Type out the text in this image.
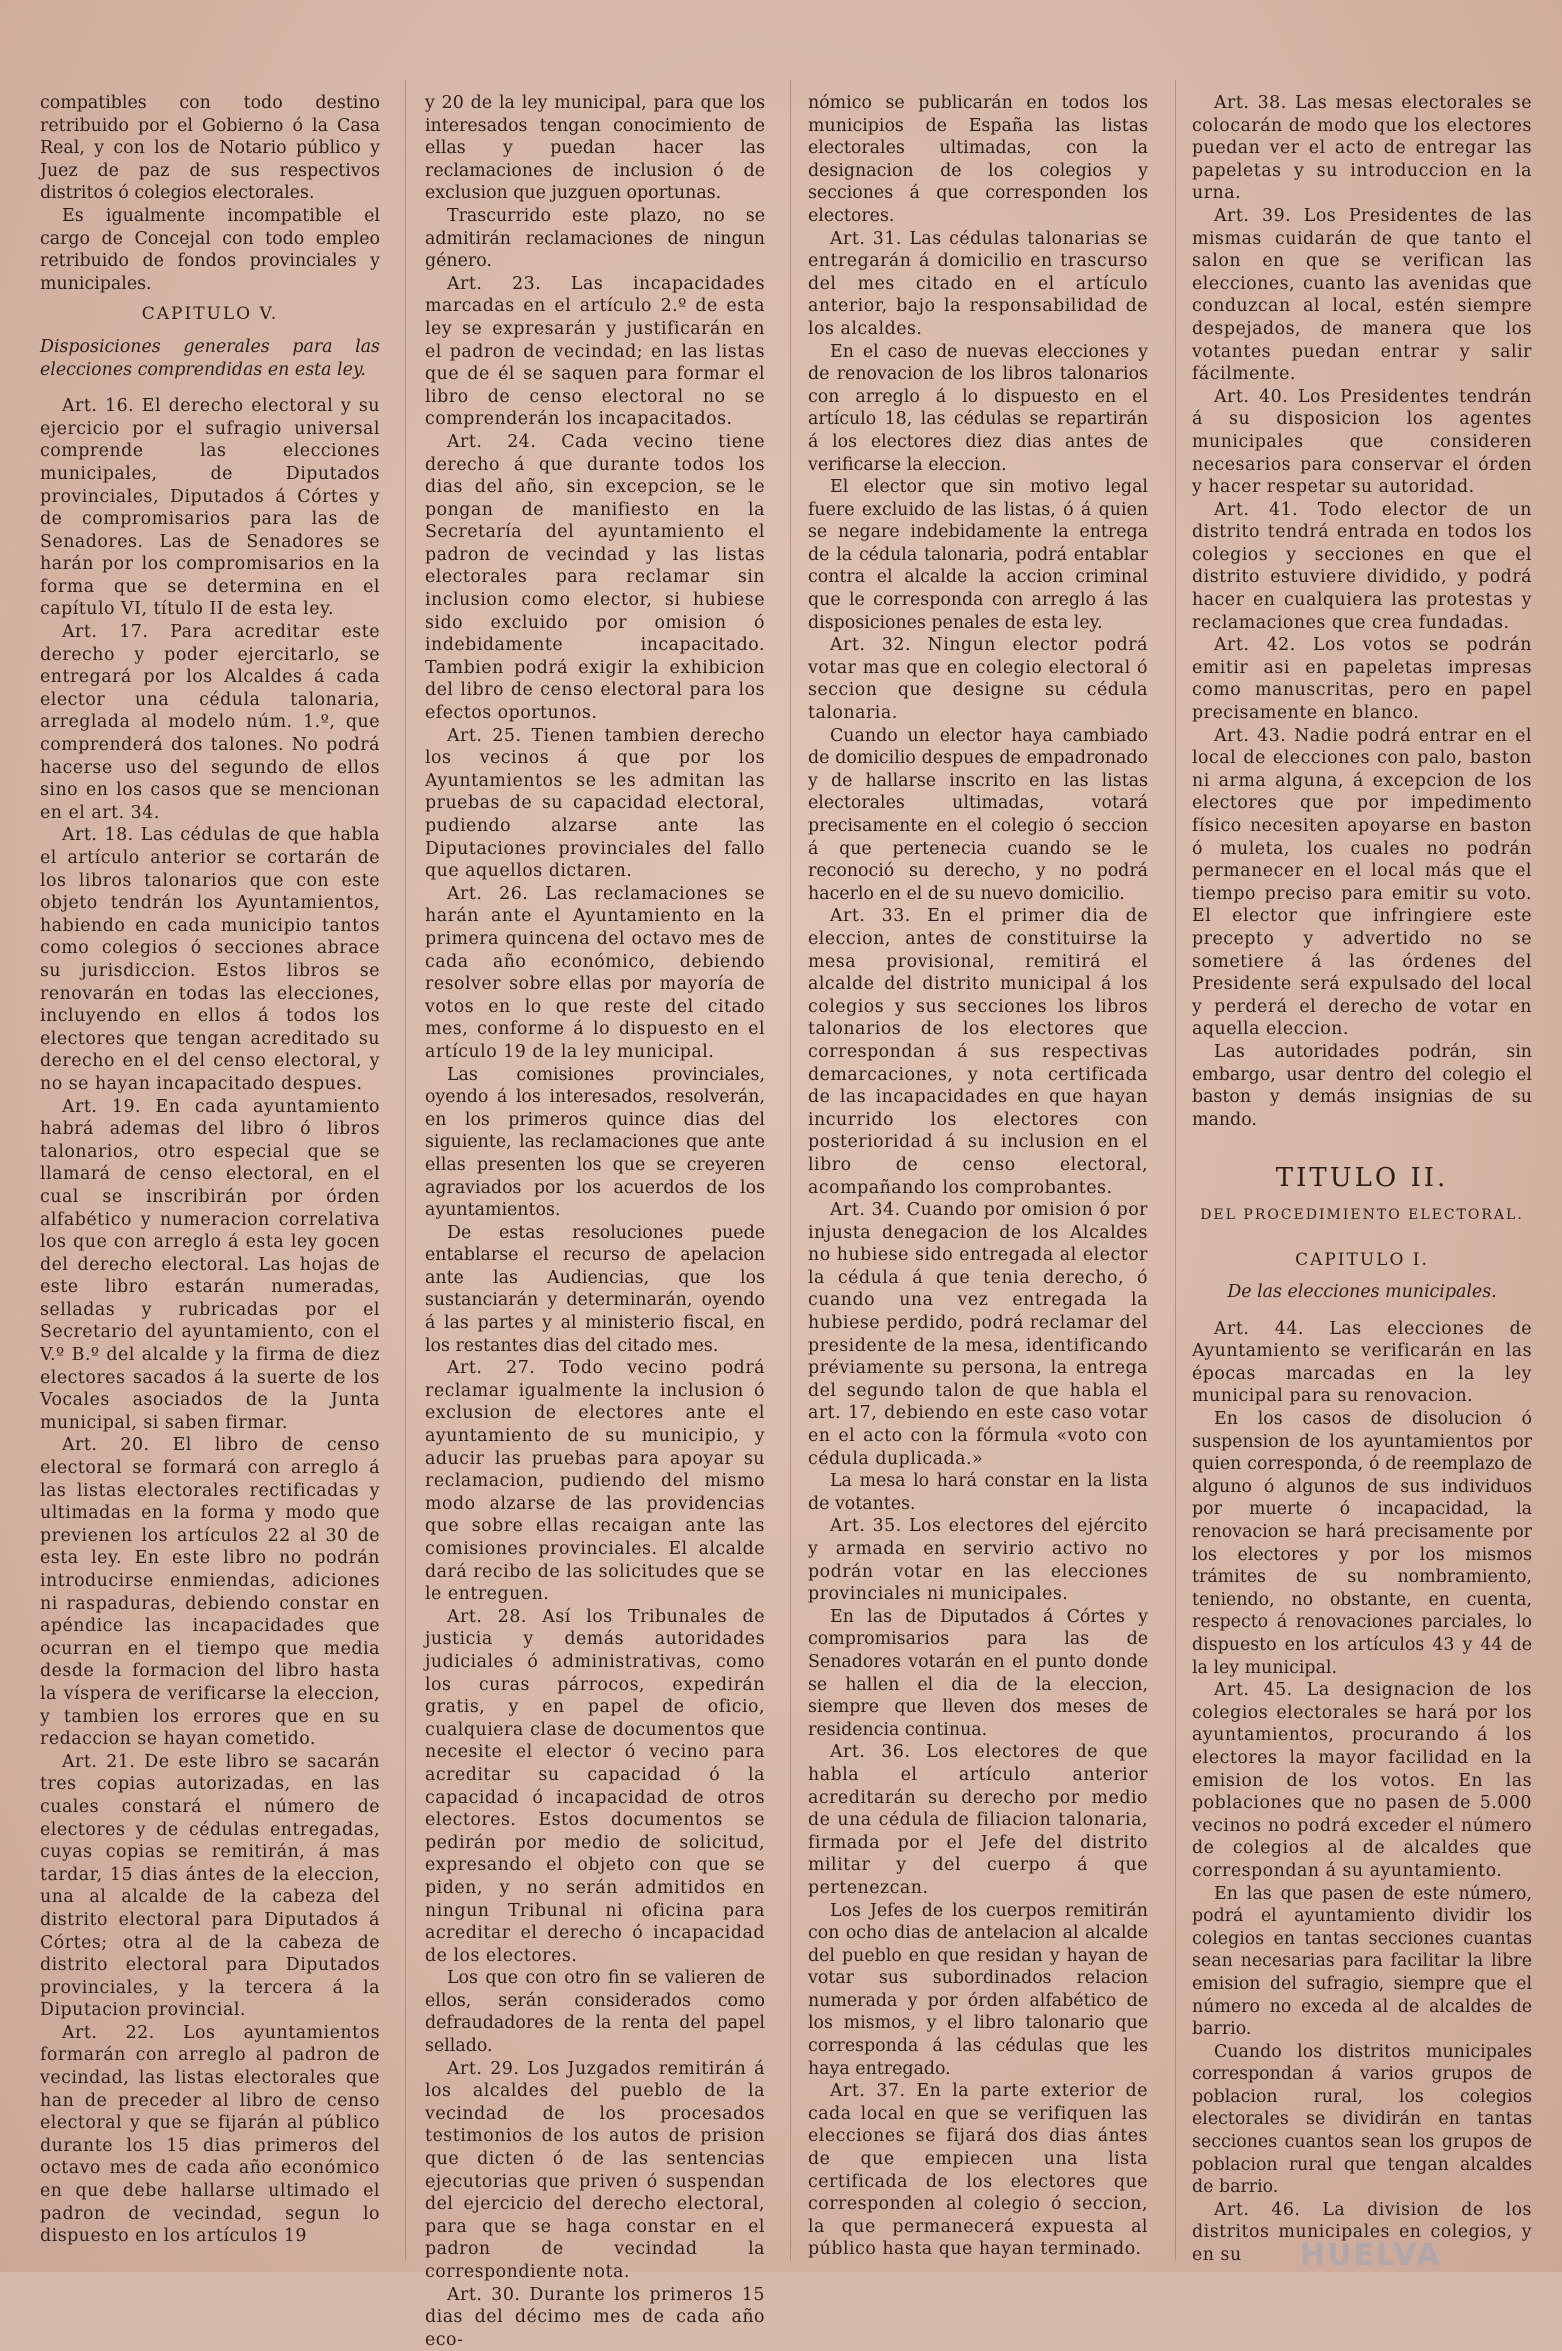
compatibles con todo destino retribuido por el Gobierno ó la Casa Real, y con los de Notario público y Juez de paz de sus respectivos distritos ó colegios electorales.

Es igualmente incompatible el cargo de Concejal con todo empleo retribuido de fondos provinciales y municipales.

CAPITULO V.

Disposiciones generales para las elecciones comprendidas en esta ley.

Art. 16. El derecho electoral y su ejercicio por el sufragio universal comprende las elecciones municipales, de Diputados provinciales, Diputados á Córtes y de compromisarios para las de Senadores. Las de Senadores se harán por los compromisarios en la forma que se determina en el capítulo VI, título II de esta ley.

Art. 17. Para acreditar este derecho y poder ejercitarlo, se entregará por los Alcaldes á cada elector una cédula talonaria, arreglada al modelo núm. 1.º, que comprenderá dos talones. No podrá hacerse uso del segundo de ellos sino en los casos que se mencionan en el art. 34.

Art. 18. Las cédulas de que habla el artículo anterior se cortarán de los libros talonarios que con este objeto tendrán los Ayuntamientos, habiendo en cada municipio tantos como colegios ó secciones abrace su jurisdiccion. Estos libros se renovarán en todas las elecciones, incluyendo en ellos á todos los electores que tengan acreditado su derecho en el del censo electoral, y no se hayan incapacitado despues.

Art. 19. En cada ayuntamiento habrá ademas del libro ó libros talonarios, otro especial que se llamará de censo electoral, en el cual se inscribirán por órden alfabético y numeracion correlativa los que con arreglo á esta ley gocen del derecho electoral. Las hojas de este libro estarán numeradas, selladas y rubricadas por el Secretario del ayuntamiento, con el V.º B.º del alcalde y la firma de diez electores sacados á la suerte de los Vocales asociados de la Junta municipal, si saben firmar.

Art. 20. El libro de censo electoral se formará con arreglo á las listas electorales rectificadas y ultimadas en la forma y modo que previenen los artículos 22 al 30 de esta ley. En este libro no podrán introducirse enmiendas, adiciones ni raspaduras, debiendo constar en apéndice las incapacidades que ocurran en el tiempo que media desde la formacion del libro hasta la víspera de verificarse la eleccion, y tambien los errores que en su redaccion se hayan cometido.

Art. 21. De este libro se sacarán tres copias autorizadas, en las cuales constará el número de electores y de cédulas entregadas, cuyas copias se remitirán, á mas tardar, 15 dias ántes de la eleccion, una al alcalde de la cabeza del distrito electoral para Diputados á Córtes; otra al de la cabeza de distrito electoral para Diputados provinciales, y la tercera á la Diputacion provincial.

Art. 22. Los ayuntamientos formarán con arreglo al padron de vecindad, las listas electorales que han de preceder al libro de censo electoral y que se fijarán al público durante los 15 dias primeros del octavo mes de cada año económico en que debe hallarse ultimado el padron de vecindad, segun lo dispuesto en los artículos 19

y 20 de la ley municipal, para que los interesados tengan conocimiento de ellas y puedan hacer las reclamaciones de inclusion ó de exclusion que juzguen oportunas.

Trascurrido este plazo, no se admitirán reclamaciones de ningun género.

Art. 23. Las incapacidades marcadas en el artículo 2.º de esta ley se expresarán y justificarán en el padron de vecindad; en las listas que de él se saquen para formar el libro de censo electoral no se comprenderán los incapacitados.

Art. 24. Cada vecino tiene derecho á que durante todos los dias del año, sin excepcion, se le pongan de manifiesto en la Secretaría del ayuntamiento el padron de vecindad y las listas electorales para reclamar sin inclusion como elector, si hubiese sido excluido por omision ó indebidamente incapacitado. Tambien podrá exigir la exhibicion del libro de censo electoral para los efectos oportunos.

Art. 25. Tienen tambien derecho los vecinos á que por los Ayuntamientos se les admitan las pruebas de su capacidad electoral, pudiendo alzarse ante las Diputaciones provinciales del fallo que aquellos dictaren.

Art. 26. Las reclamaciones se harán ante el Ayuntamiento en la primera quincena del octavo mes de cada año económico, debiendo resolver sobre ellas por mayoría de votos en lo que reste del citado mes, conforme á lo dispuesto en el artículo 19 de la ley municipal.

Las comisiones provinciales, oyendo á los interesados, resolverán, en los primeros quince dias del siguiente, las reclamaciones que ante ellas presenten los que se creyeren agraviados por los acuerdos de los ayuntamientos.

De estas resoluciones puede entablarse el recurso de apelacion ante las Audiencias, que los sustanciarán y determinarán, oyendo á las partes y al ministerio fiscal, en los restantes dias del citado mes.

Art. 27. Todo vecino podrá reclamar igualmente la inclusion ó exclusion de electores ante el ayuntamiento de su municipio, y aducir las pruebas para apoyar su reclamacion, pudiendo del mismo modo alzarse de las providencias que sobre ellas recaigan ante las comisiones provinciales. El alcalde dará recibo de las solicitudes que se le entreguen.

Art. 28. Así los Tribunales de justicia y demás autoridades judiciales ó administrativas, como los curas párrocos, expedirán gratis, y en papel de oficio, cualquiera clase de documentos que necesite el elector ó vecino para acreditar su capacidad ó la capacidad ó incapacidad de otros electores. Estos documentos se pedirán por medio de solicitud, expresando el objeto con que se piden, y no serán admitidos en ningun Tribunal ni oficina para acreditar el derecho ó incapacidad de los electores.

Los que con otro fin se valieren de ellos, serán considerados como defraudadores de la renta del papel sellado.

Art. 29. Los Juzgados remitirán á los alcaldes del pueblo de la vecindad de los procesados testimonios de los autos de prision que dicten ó de las sentencias ejecutorias que priven ó suspendan del ejercicio del derecho electoral, para que se haga constar en el padron de vecindad la correspondiente nota.

Art. 30. Durante los primeros 15 dias del décimo mes de cada año eco-

nómico se publicarán en todos los municipios de España las listas electorales ultimadas, con la designacion de los colegios y secciones á que corresponden los electores.

Art. 31. Las cédulas talonarias se entregarán á domicilio en trascurso del mes citado en el artículo anterior, bajo la responsabilidad de los alcaldes.

En el caso de nuevas elecciones y de renovacion de los libros talonarios con arreglo á lo dispuesto en el artículo 18, las cédulas se repartirán á los electores diez dias antes de verificarse la eleccion.

El elector que sin motivo legal fuere excluido de las listas, ó á quien se negare indebidamente la entrega de la cédula talonaria, podrá entablar contra el alcalde la accion criminal que le corresponda con arreglo á las disposiciones penales de esta ley.

Art. 32. Ningun elector podrá votar mas que en colegio electoral ó seccion que designe su cédula talonaria.

Cuando un elector haya cambiado de domicilio despues de empadronado y de hallarse inscrito en las listas electorales ultimadas, votará precisamente en el colegio ó seccion á que pertenecia cuando se le reconoció su derecho, y no podrá hacerlo en el de su nuevo domicilio.

Art. 33. En el primer dia de eleccion, antes de constituirse la mesa provisional, remitirá el alcalde del distrito municipal á los colegios y sus secciones los libros talonarios de los electores que correspondan á sus respectivas demarcaciones, y nota certificada de las incapacidades en que hayan incurrido los electores con posterioridad á su inclusion en el libro de censo electoral, acompañando los comprobantes.

Art. 34. Cuando por omision ó por injusta denegacion de los Alcaldes no hubiese sido entregada al elector la cédula á que tenia derecho, ó cuando una vez entregada la hubiese perdido, podrá reclamar del presidente de la mesa, identificando préviamente su persona, la entrega del segundo talon de que habla el art. 17, debiendo en este caso votar en el acto con la fórmula «voto con cédula duplicada.»

La mesa lo hará constar en la lista de votantes.

Art. 35. Los electores del ejército y armada en servirio activo no podrán votar en las elecciones provinciales ni municipales.

En las de Diputados á Córtes y compromisarios para las de Senadores votarán en el punto donde se hallen el dia de la eleccion, siempre que lleven dos meses de residencia continua.

Art. 36. Los electores de que habla el artículo anterior acreditarán su derecho por medio de una cédula de filiacion talonaria, firmada por el Jefe del distrito militar y del cuerpo á que pertenezcan.

Los Jefes de los cuerpos remitirán con ocho dias de antelacion al alcalde del pueblo en que residan y hayan de votar sus subordinados relacion numerada y por órden alfabético de los mismos, y el libro talonario que corresponda á las cédulas que les haya entregado.

Art. 37. En la parte exterior de cada local en que se verifiquen las elecciones se fijará dos dias ántes de que empiecen una lista certificada de los electores que corresponden al colegio ó seccion, la que permanecerá expuesta al público hasta que hayan terminado.

Art. 38. Las mesas electorales se colocarán de modo que los electores puedan ver el acto de entregar las papeletas y su introduccion en la urna.

Art. 39. Los Presidentes de las mismas cuidarán de que tanto el salon en que se verifican las elecciones, cuanto las avenidas que conduzcan al local, estén siempre despejados, de manera que los votantes puedan entrar y salir fácilmente.

Art. 40. Los Presidentes tendrán á su disposicion los agentes municipales que consideren necesarios para conservar el órden y hacer respetar su autoridad.

Art. 41. Todo elector de un distrito tendrá entrada en todos los colegios y secciones en que el distrito estuviere dividido, y podrá hacer en cualquiera las protestas y reclamaciones que crea fundadas.

Art. 42. Los votos se podrán emitir asi en papeletas impresas como manuscritas, pero en papel precisamente en blanco.

Art. 43. Nadie podrá entrar en el local de elecciones con palo, baston ni arma alguna, á excepcion de los electores que por impedimento físico necesiten apoyarse en baston ó muleta, los cuales no podrán permanecer en el local más que el tiempo preciso para emitir su voto. El elector que infringiere este precepto y advertido no se sometiere á las órdenes del Presidente será expulsado del local y perderá el derecho de votar en aquella eleccion.

Las autoridades podrán, sin embargo, usar dentro del colegio el baston y demás insignias de su mando.

TITULO II.

DEL PROCEDIMIENTO ELECTORAL.

CAPITULO I.

De las elecciones municipales.

Art. 44. Las elecciones de Ayuntamiento se verificarán en las épocas marcadas en la ley municipal para su renovacion.

En los casos de disolucion ó suspension de los ayuntamientos por quien corresponda, ó de reemplazo de alguno ó algunos de sus individuos por muerte ó incapacidad, la renovacion se hará precisamente por los electores y por los mismos trámites de su nombramiento, teniendo, no obstante, en cuenta, respecto á renovaciones parciales, lo dispuesto en los artículos 43 y 44 de la ley municipal.

Art. 45. La designacion de los colegios electorales se hará por los ayuntamientos, procurando á los electores la mayor facilidad en la emision de los votos. En las poblaciones que no pasen de 5.000 vecinos no podrá exceder el número de colegios al de alcaldes que correspondan á su ayuntamiento.

En las que pasen de este número, podrá el ayuntamiento dividir los colegios en tantas secciones cuantas sean necesarias para facilitar la libre emision del sufragio, siempre que el número no exceda al de alcaldes de barrio.

Cuando los distritos municipales correspondan á varios grupos de poblacion rural, los colegios electorales se dividirán en tantas secciones cuantos sean los grupos de poblacion rural que tengan alcaldes de barrio.

Art. 46. La division de los distritos municipales en colegios, y en su	HUELVA
